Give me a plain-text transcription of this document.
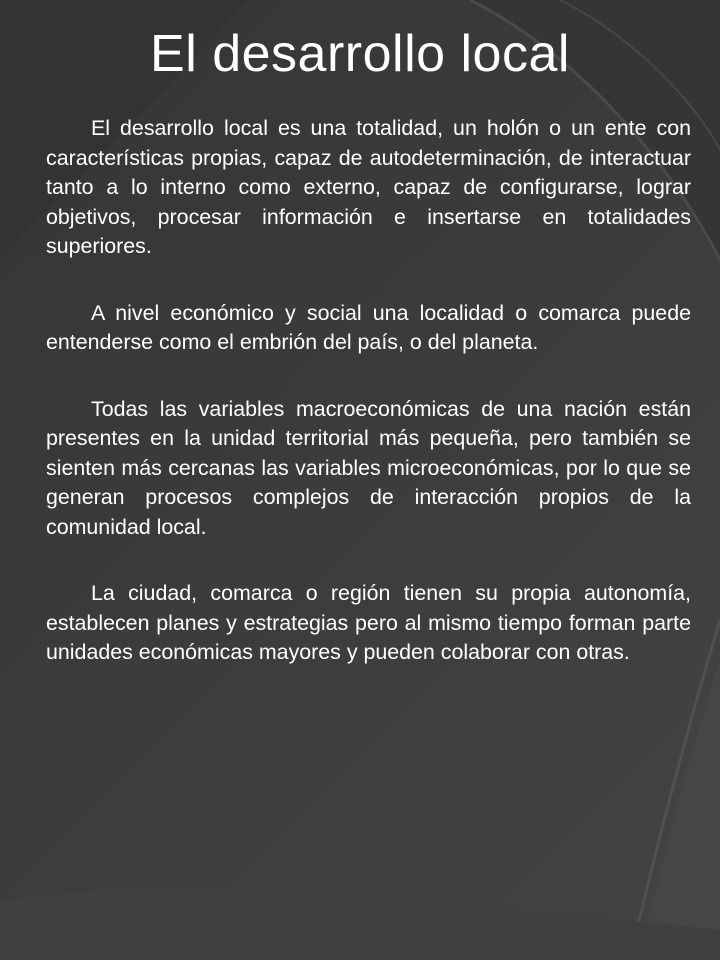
El desarrollo local

El desarrollo local es una totalidad, un holón o un ente con características propias, capaz de autodeterminación, de interactuar tanto a lo interno como externo, capaz de configurarse, lograr objetivos, procesar información e insertarse en totalidades superiores.

A nivel económico y social una localidad o comarca puede entenderse como el embrión del país, o del planeta.

Todas las variables macroeconómicas de una nación están presentes en la unidad territorial más pequeña, pero también se sienten más cercanas las variables microeconómicas, por lo que se generan procesos complejos de interacción propios de la comunidad local.

La ciudad, comarca o región tienen su propia autonomía, establecen planes y estrategias pero al mismo tiempo forman parte unidades económicas mayores y pueden colaborar con otras.
